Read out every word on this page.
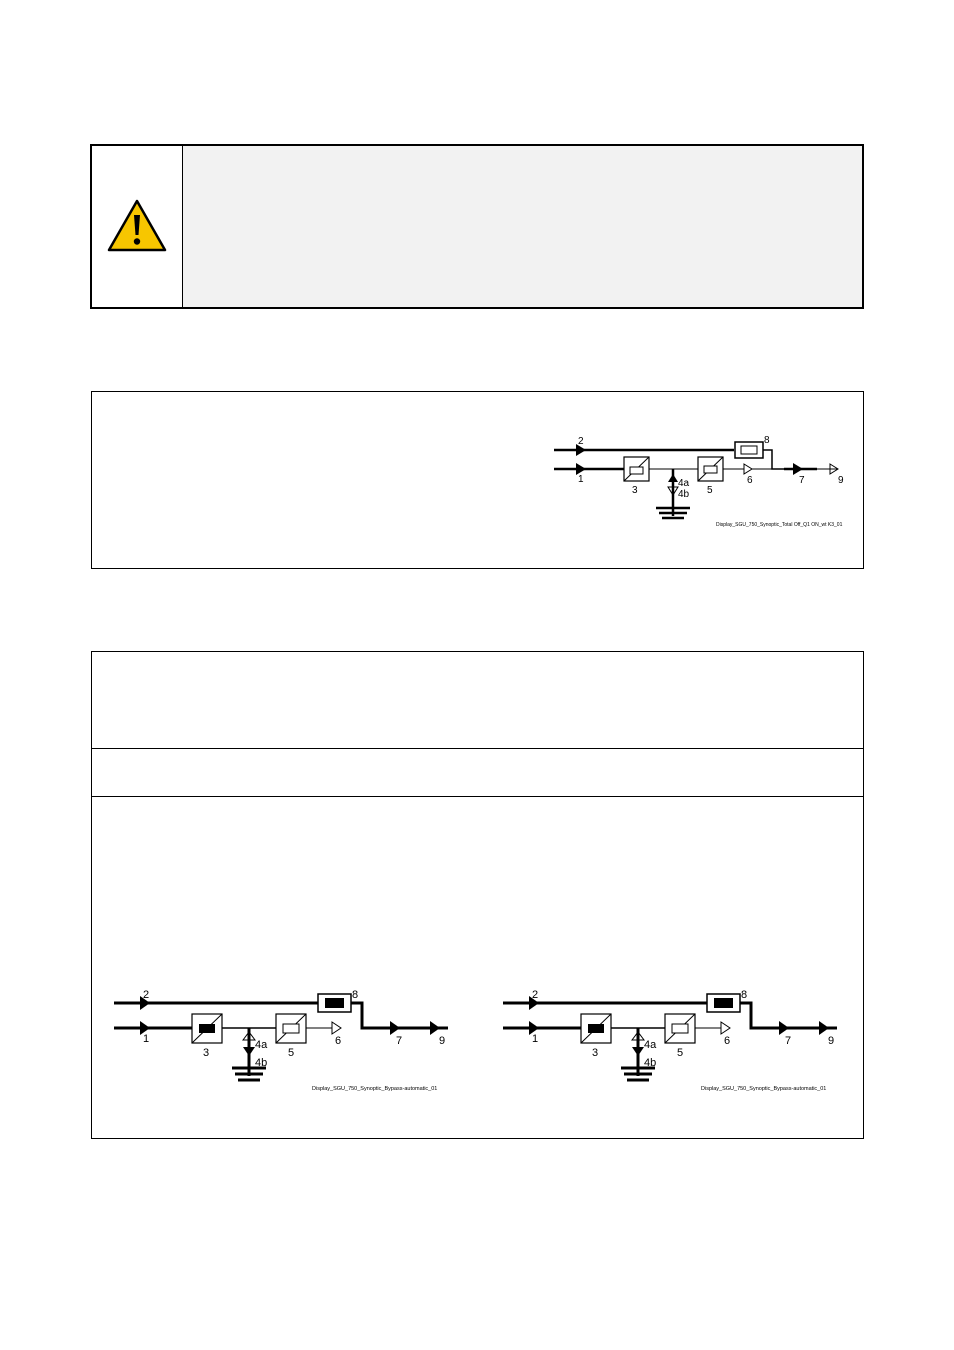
2	8
1
3
4a
4b 5
6	7	9
Display_SGU_750_Synoptic_Total Off_Q1 ON_wt K3_01
2	8
1
3
4a
4b
5
6	7	9
Display_SGU_750_Synoptic_Bypass-automatic_01
2	8
1
3
4a
4b
5
6	7	9
Display_SGU_750_Synoptic_Bypass-automatic_01
